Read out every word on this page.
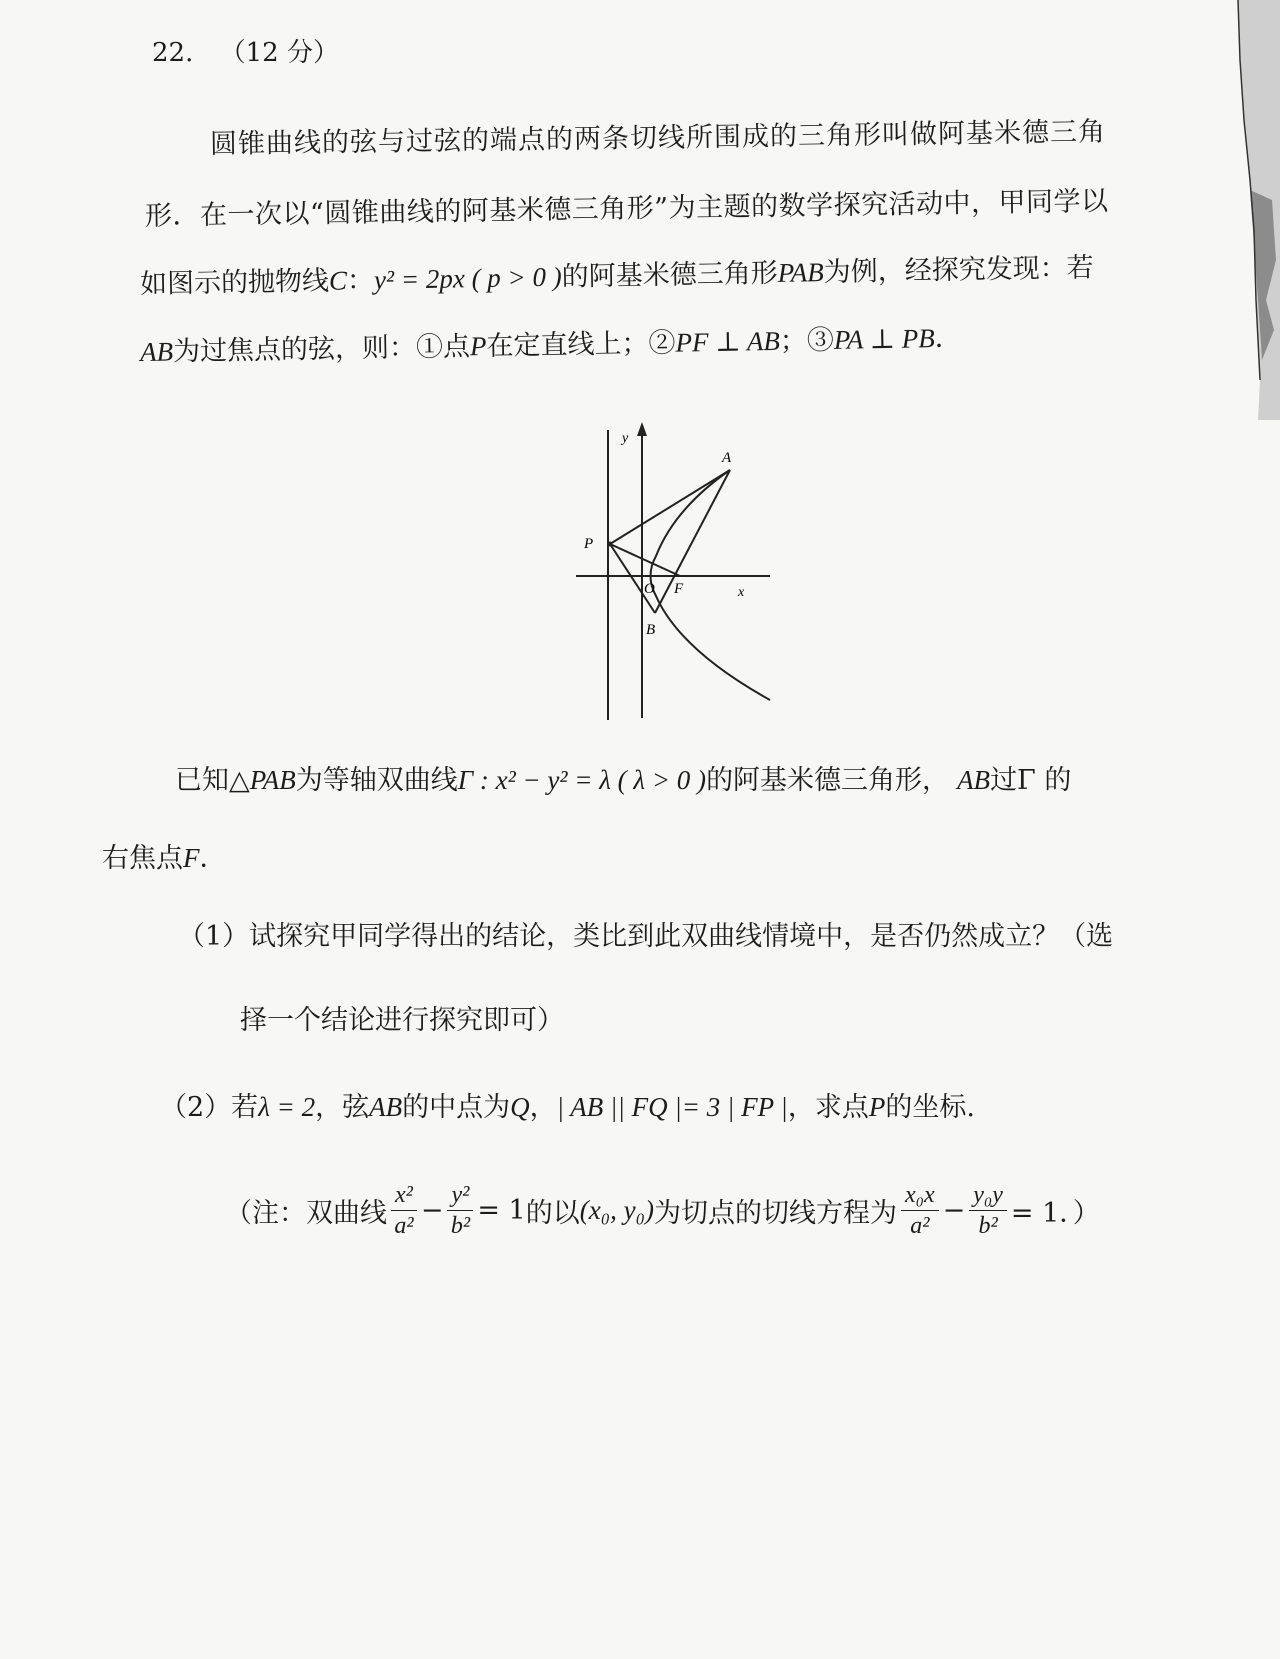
22. （12 分）
圆锥曲线的弦与过弦的端点的两条切线所围成的三角形叫做阿基米德三角
形．在一次以“圆锥曲线的阿基米德三角形”为主题的数学探究活动中，甲同学以
如图示的抛物线C：y² = 2px ( p > 0 )的阿基米德三角形PAB为例，经探究发现：若
AB为过焦点的弦，则：①点P在定直线上；②PF ⊥ AB；③PA ⊥ PB．
y
A
P
O F	x
B
已知△PAB为等轴双曲线Γ : x² − y² = λ ( λ > 0 )的阿基米德三角形， AB过Γ 的
右焦点F．
（1）试探究甲同学得出的结论，类比到此双曲线情境中，是否仍然成立？（选
择一个结论进行探究即可）
（2）若λ = 2，弦AB的中点为Q，| AB || FQ |= 3 | FP |，求点P的坐标.
（注：双曲线 $\frac{\text{x²}}{\text{a²}} - \frac{\text{y²}}{\text{b²}} = 1$的以(x₀, y₀)为切点的切线方程为 $\frac{\text{x₀x}}{\text{a²}} - \frac{\text{y₀y}}{\text{b²}} = 1$．）
